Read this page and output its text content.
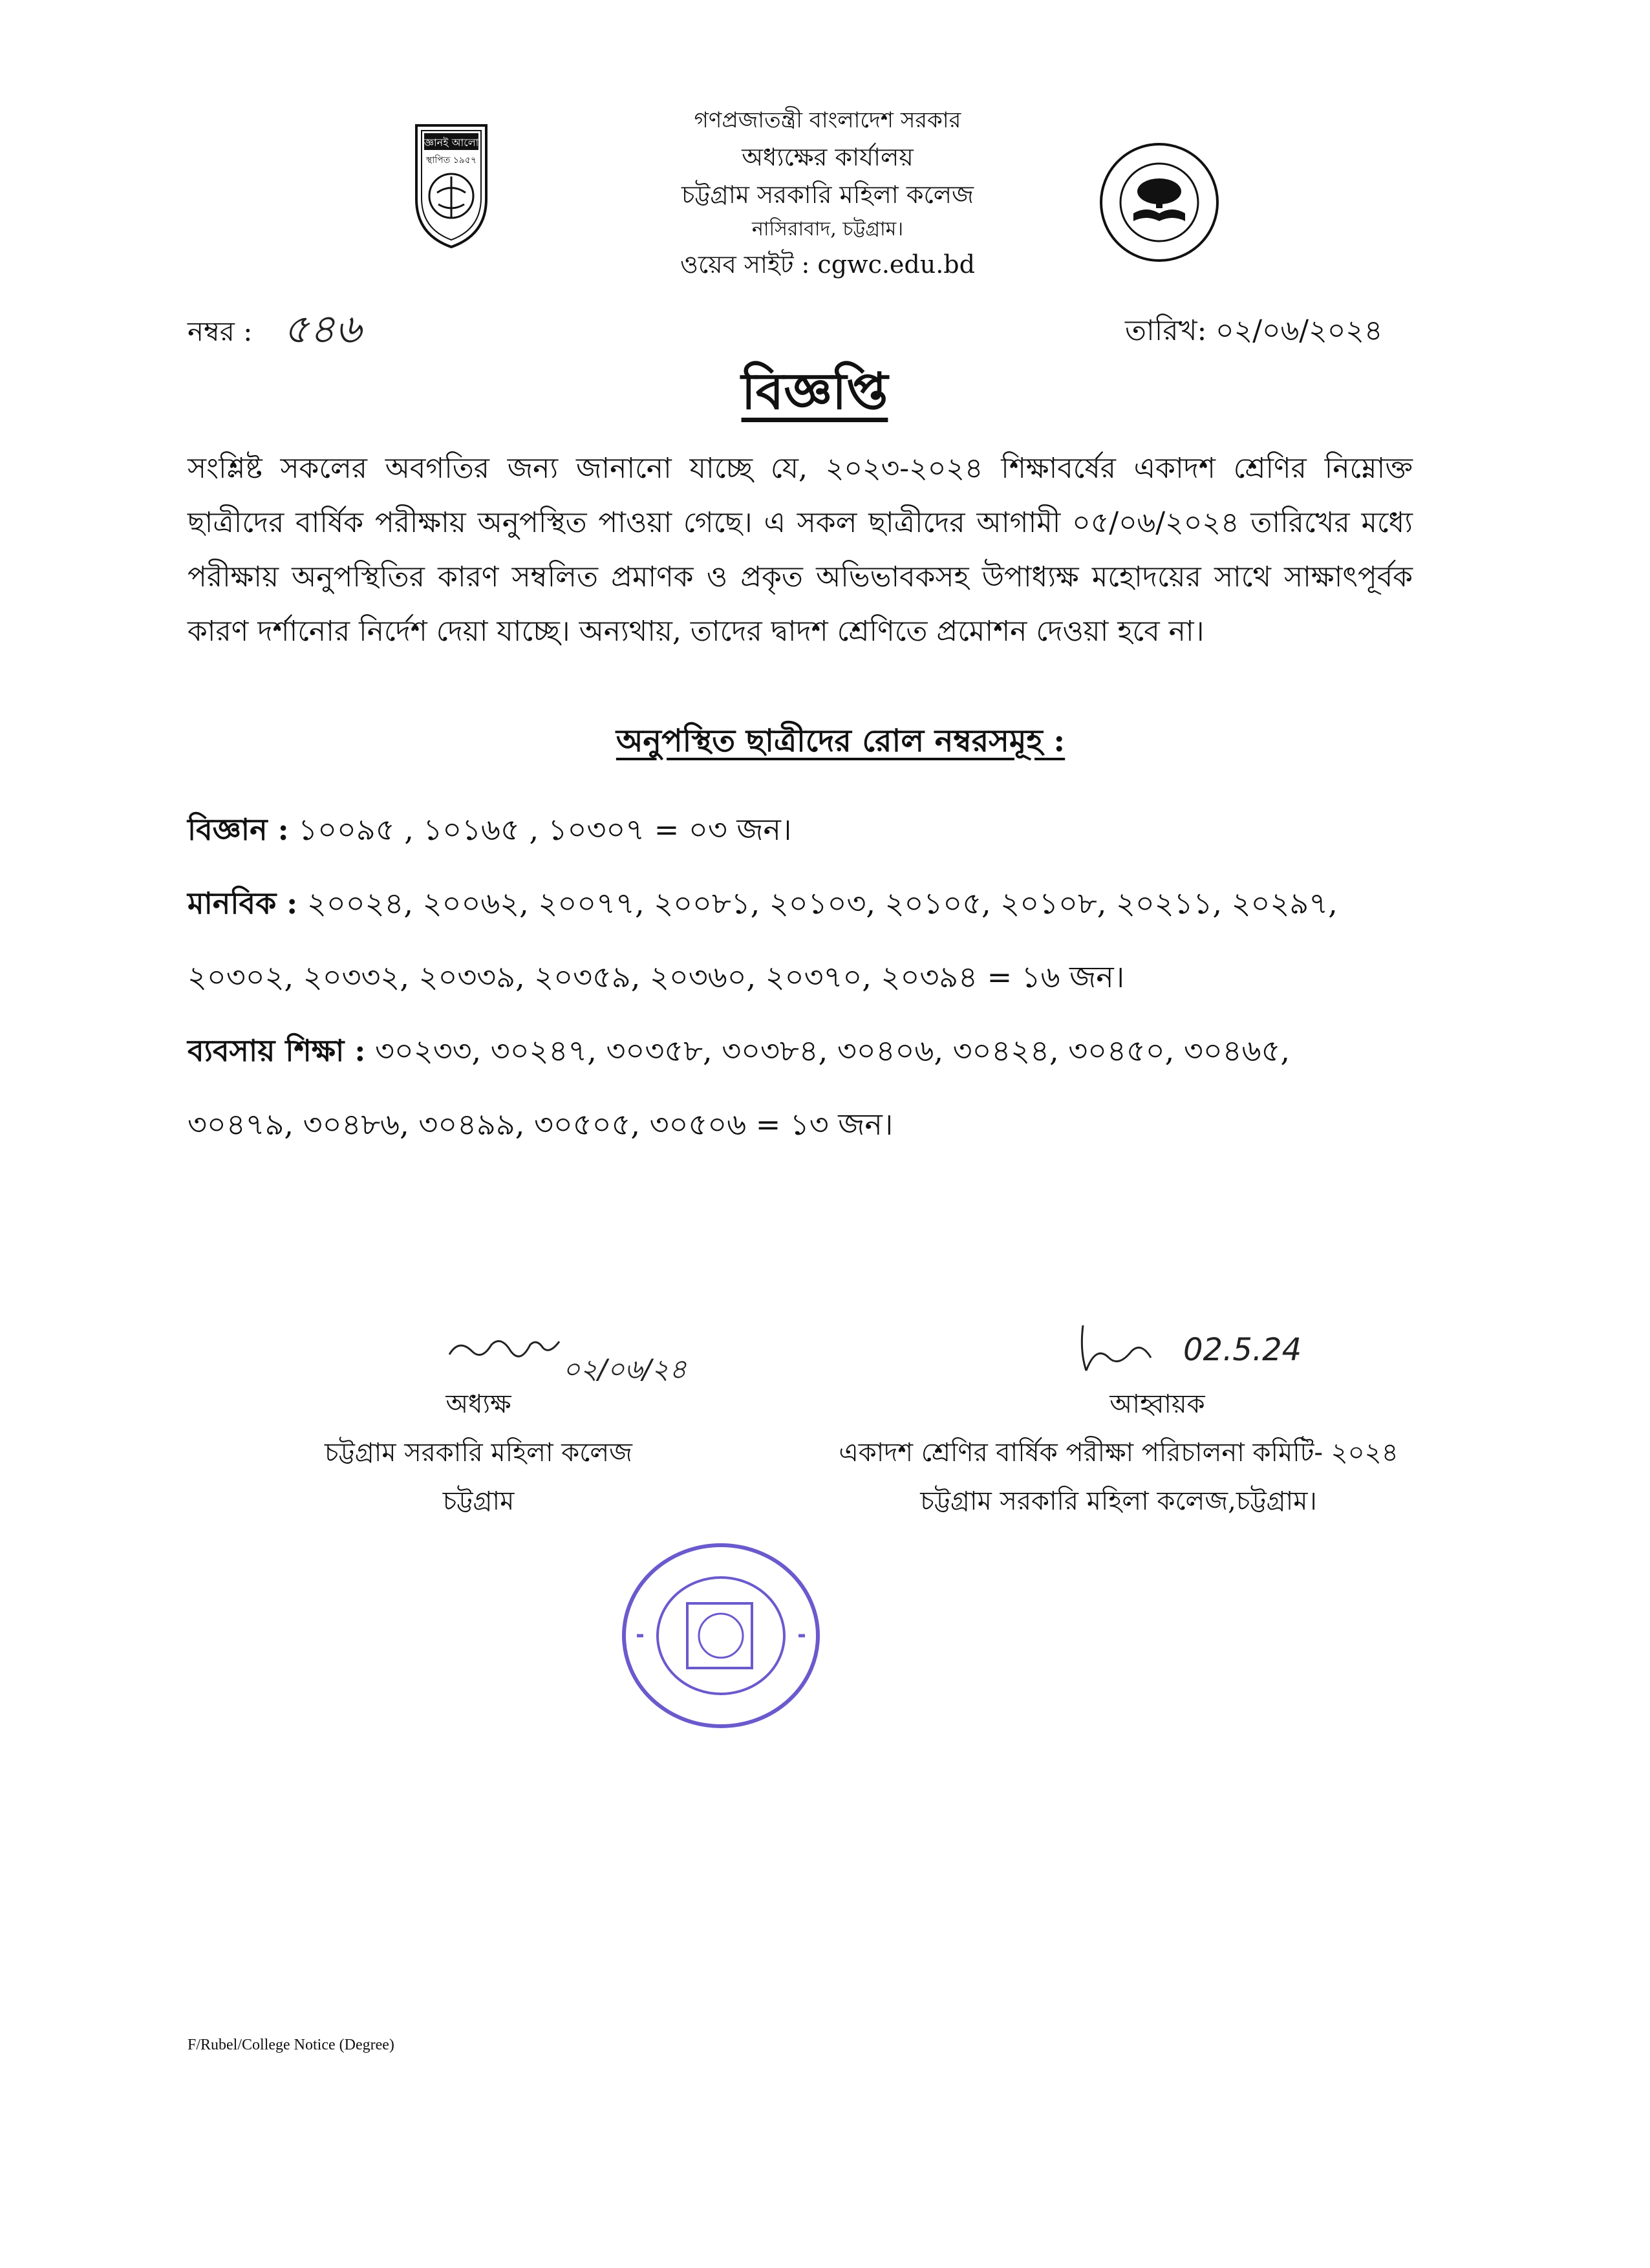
জ্ঞানই আলো
স্থাপিত ১৯৫৭
গণপ্রজাতন্ত্রী বাংলাদেশ সরকার
অধ্যক্ষের কার্যালয়
চট্টগ্রাম সরকারি মহিলা কলেজ
নাসিরাবাদ, চট্টগ্রাম।
ওয়েব সাইট : cgwc.edu.bd
নম্বর : ৫৪৬	তারিখ: ০২/০৬/২০২৪
বিজ্ঞপ্তি
সংশ্লিষ্ট সকলের অবগতির জন্য জানানো যাচ্ছে যে, ২০২৩-২০২৪ শিক্ষাবর্ষের একাদশ শ্রেণির নিম্নোক্ত ছাত্রীদের বার্ষিক পরীক্ষায় অনুপস্থিত পাওয়া গেছে। এ সকল ছাত্রীদের আগামী ০৫/০৬/২০২৪ তারিখের মধ্যে পরীক্ষায় অনুপস্থিতির কারণ সম্বলিত প্রমাণক ও প্রকৃত অভিভাবকসহ উপাধ্যক্ষ মহোদয়ের সাথে সাক্ষাৎপূর্বক কারণ দর্শানোর নির্দেশ দেয়া যাচ্ছে। অন্যথায়, তাদের দ্বাদশ শ্রেণিতে প্রমোশন দেওয়া হবে না।
অনুপস্থিত ছাত্রীদের রোল নম্বরসমূহ :
বিজ্ঞান : ১০০৯৫ , ১০১৬৫ , ১০৩০৭ = ০৩ জন।
মানবিক : ২০০২৪, ২০০৬২, ২০০৭৭, ২০০৮১, ২০১০৩, ২০১০৫, ২০১০৮, ২০২১১, ২০২৯৭,
২০৩০২, ২০৩৩২, ২০৩৩৯, ২০৩৫৯, ২০৩৬০, ২০৩৭০, ২০৩৯৪ = ১৬ জন।
ব্যবসায় শিক্ষা : ৩০২৩৩, ৩০২৪৭, ৩০৩৫৮, ৩০৩৮৪, ৩০৪০৬, ৩০৪২৪, ৩০৪৫০, ৩০৪৬৫,
৩০৪৭৯, ৩০৪৮৬, ৩০৪৯৯, ৩০৫০৫, ৩০৫০৬ = ১৩ জন।
০২/০৬/২৪
অধ্যক্ষ
চট্টগ্রাম সরকারি মহিলা কলেজ
চট্টগ্রাম
02.5.24
আহ্বায়ক
একাদশ শ্রেণির বার্ষিক পরীক্ষা পরিচালনা কমিটি- ২০২৪
চট্টগ্রাম সরকারি মহিলা কলেজ,চট্টগ্রাম।
F/Rubel/College Notice (Degree)
